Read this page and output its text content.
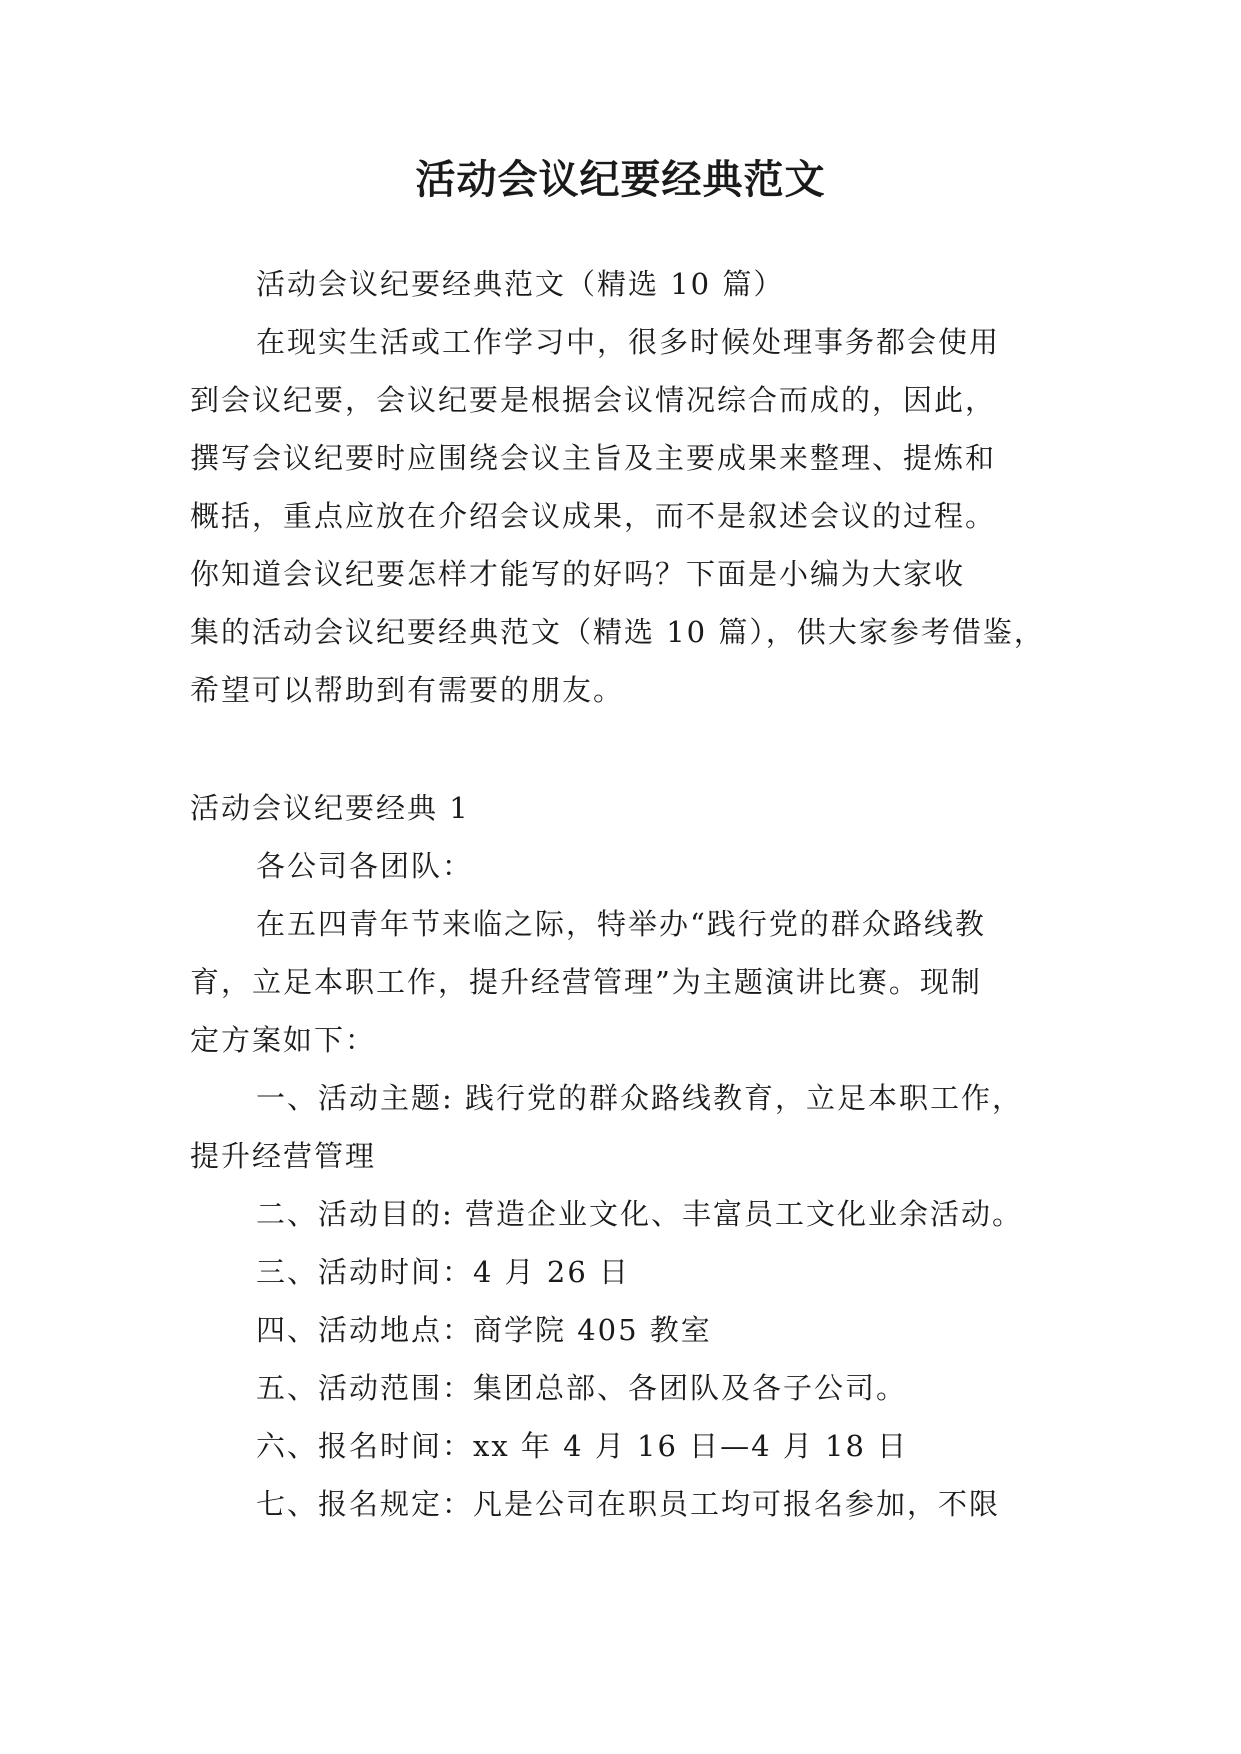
活动会议纪要经典范文
活动会议纪要经典范文（精选 10 篇）
在现实生活或工作学习中，很多时候处理事务都会使用
到会议纪要，会议纪要是根据会议情况综合而成的，因此，
撰写会议纪要时应围绕会议主旨及主要成果来整理、提炼和
概括，重点应放在介绍会议成果，而不是叙述会议的过程。
你知道会议纪要怎样才能写的好吗？下面是小编为大家收
集的活动会议纪要经典范文（精选 10 篇），供大家参考借鉴，
希望可以帮助到有需要的朋友。
活动会议纪要经典 1
各公司各团队：
在五四青年节来临之际，特举办“践行党的群众路线教
育，立足本职工作，提升经营管理”为主题演讲比赛。现制
定方案如下：
一、活动主题: 践行党的群众路线教育，立足本职工作，
提升经营管理
二、活动目的: 营造企业文化、丰富员工文化业余活动。
三、活动时间：4 月 26 日
四、活动地点：商学院 405 教室
五、活动范围：集团总部、各团队及各子公司。
六、报名时间：xx 年 4 月 16 日—4 月 18 日
七、报名规定：凡是公司在职员工均可报名参加，不限
